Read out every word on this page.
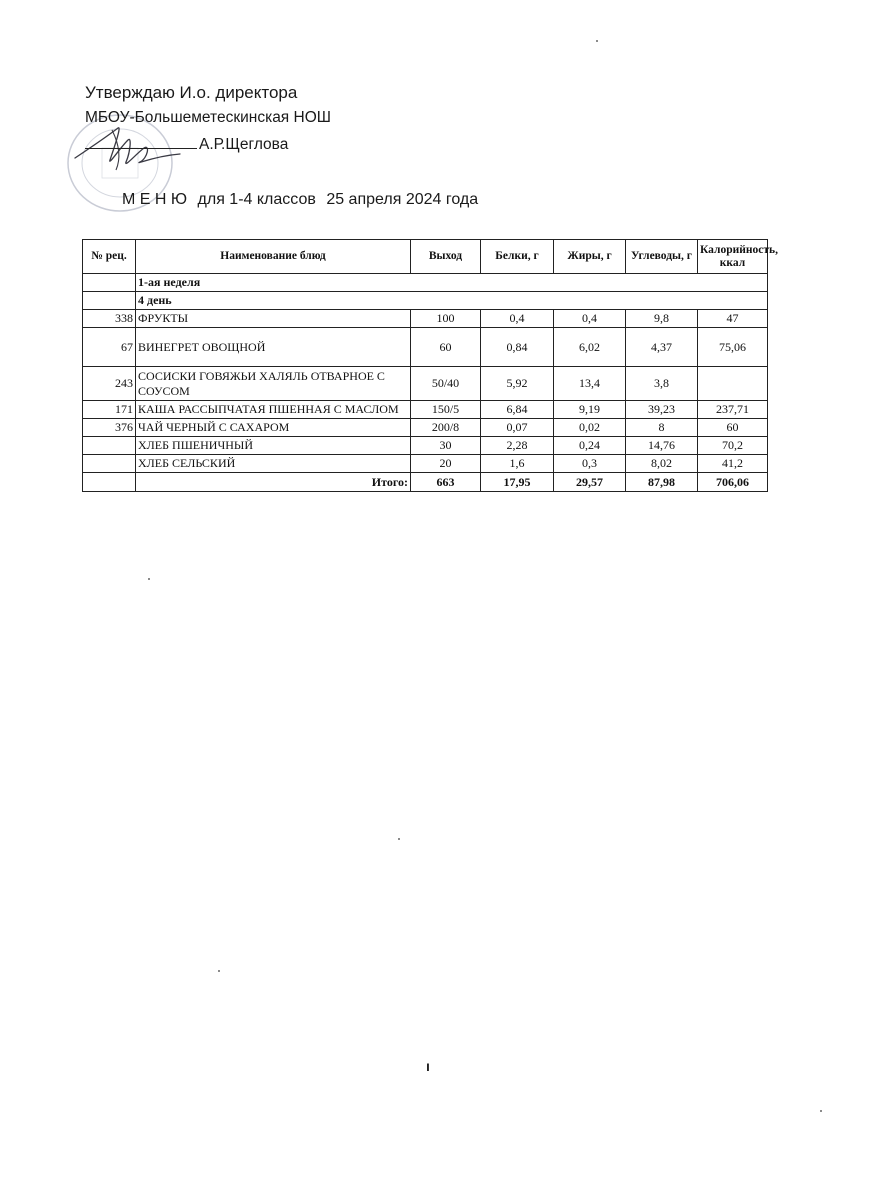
Утверждаю И.о. директора
МБОУ-Большеметескинская НОШ
А.Р.Щеглова
М Е Н Ю для 1-4 классов 25 апреля 2024 года
№ рец.	Наименование блюд	Выход	Белки, г	Жиры, г	Углеводы, г	Калорийность, ккал
	1-ая неделя					
	4 день					
338	ФРУКТЫ	100	0,4	0,4	9,8	47
67	ВИНЕГРЕТ ОВОЩНОЙ	60	0,84	6,02	4,37	75,06
243	СОСИСКИ ГОВЯЖЬИ ХАЛЯЛЬ ОТВАРНОЕ С СОУСОМ	50/40	5,92	13,4	3,8	
171	КАША РАССЫПЧАТАЯ ПШЕННАЯ С МАСЛОМ	150/5	6,84	9,19	39,23	237,71
376	ЧАЙ ЧЕРНЫЙ С САХАРОМ	200/8	0,07	0,02	8	60
	ХЛЕБ ПШЕНИЧНЫЙ	30	2,28	0,24	14,76	70,2
	ХЛЕБ СЕЛЬСКИЙ	20	1,6	0,3	8,02	41,2
	Итого:	663	17,95	29,57	87,98	706,06
ı
